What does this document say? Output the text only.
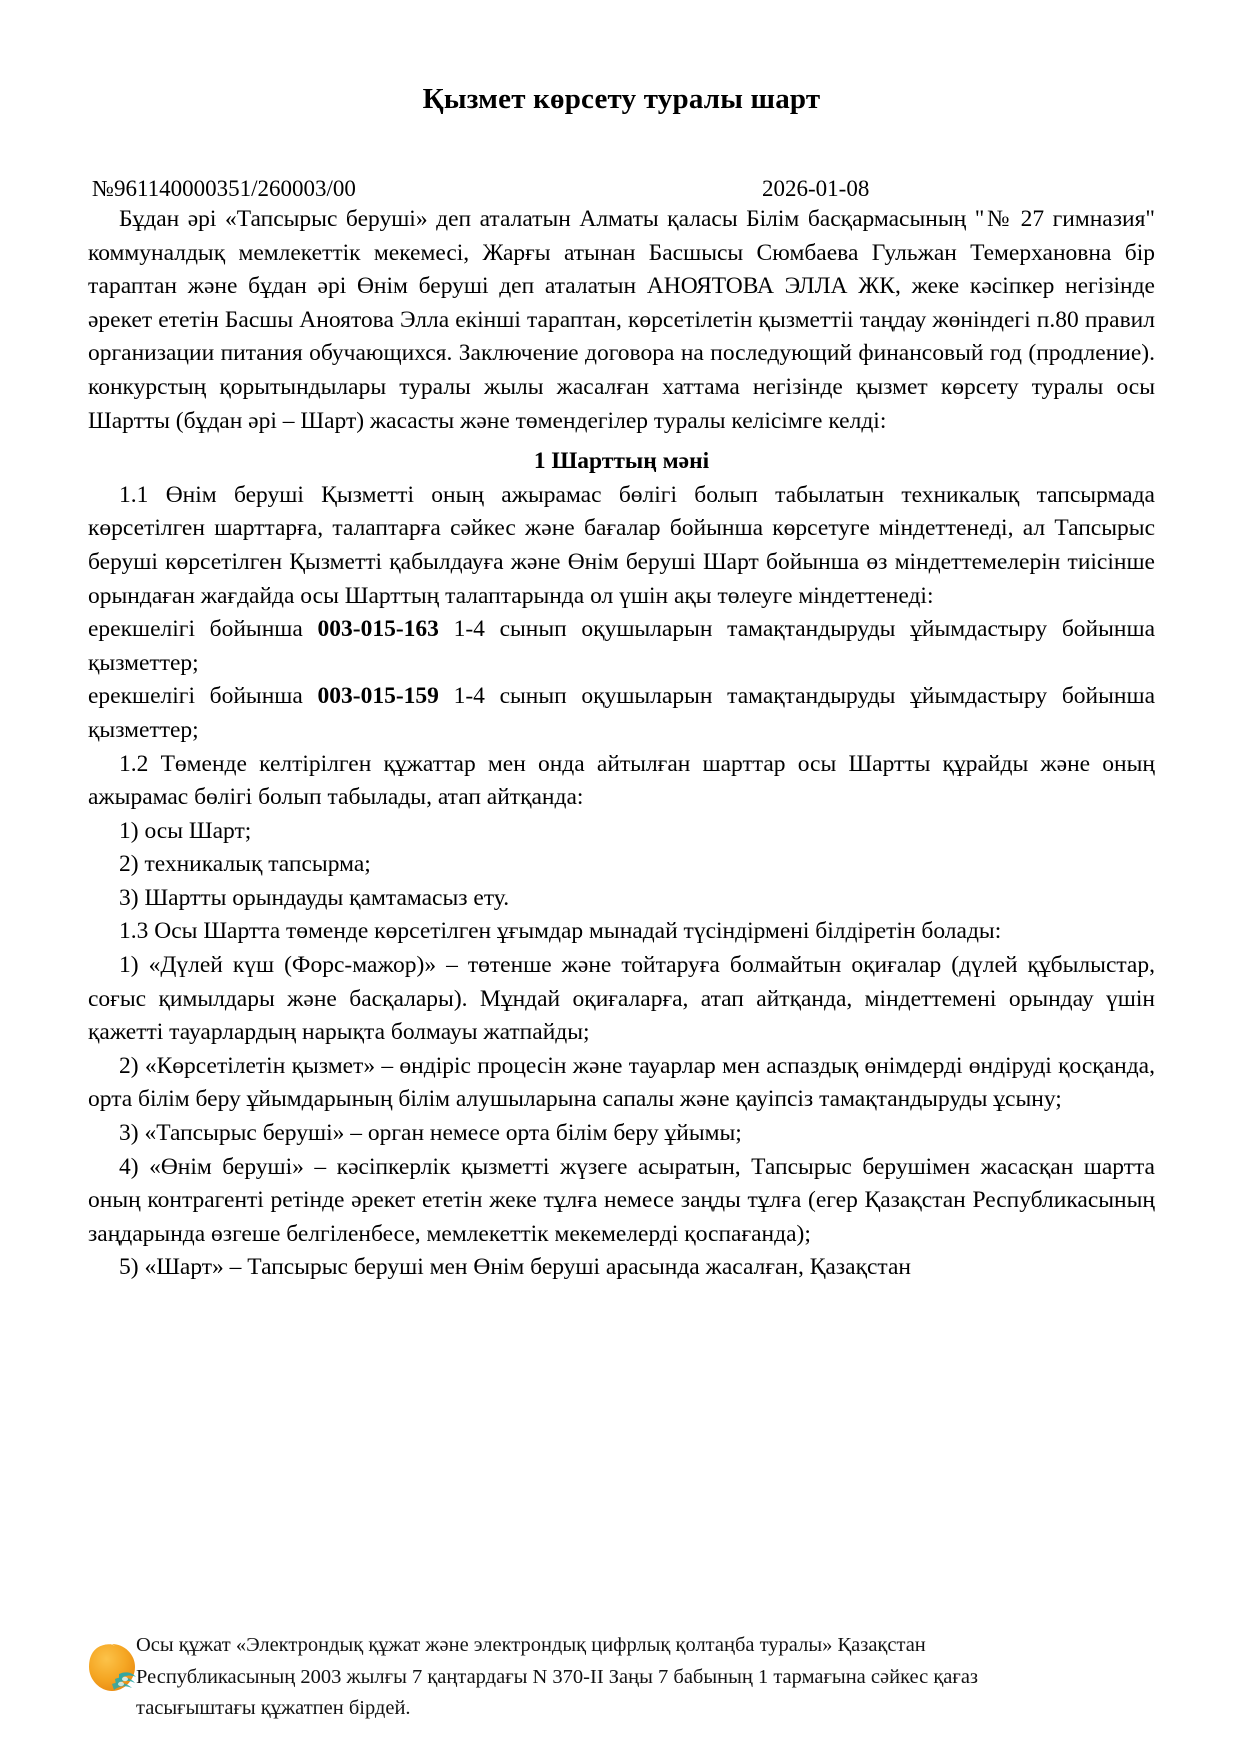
Қызмет көрсету туралы шарт
№961140000351/260003/00	2026-01-08

Бұдан әрі «Тапсырыс беруші» деп аталатын Алматы қаласы Білім басқармасының "№ 27 гимназия" коммуналдық мемлекеттік мекемесі, Жарғы атынан Басшысы Сюмбаева Гульжан Темерхановна бір тараптан және бұдан әрі Өнім беруші деп аталатын АНОЯТОВА ЭЛЛА ЖК, жеке кәсіпкер негізінде әрекет ететін Басшы Аноятова Элла екінші тараптан, көрсетілетін қызметтіі таңдау жөніндегі п.80 правил организации питания обучающихся. Заключение договора на последующий финансовый год (продление). конкурстың қорытындылары туралы жылы жасалған хаттама негізінде қызмет көрсету туралы осы Шартты (бұдан әрі – Шарт) жасасты және төмендегілер туралы келісімге келді:

1 Шарттың мәні

1.1 Өнім беруші Қызметті оның ажырамас бөлігі болып табылатын техникалық тапсырмада көрсетілген шарттарға, талаптарға сәйкес және бағалар бойынша көрсетуге міндеттенеді, ал Тапсырыс беруші көрсетілген Қызметті қабылдауға және Өнім беруші Шарт бойынша өз міндеттемелерін тиісінше орындаған жағдайда осы Шарттың талаптарында ол үшін ақы төлеуге міндеттенеді:

ерекшелігі бойынша 003-015-163 1-4 сынып оқушыларын тамақтандыруды ұйымдастыру бойынша қызметтер;

ерекшелігі бойынша 003-015-159 1-4 сынып оқушыларын тамақтандыруды ұйымдастыру бойынша қызметтер;

1.2 Төменде келтірілген құжаттар мен онда айтылған шарттар осы Шартты құрайды және оның ажырамас бөлігі болып табылады, атап айтқанда:

1) осы Шарт;

2) техникалық тапсырма;

3) Шартты орындауды қамтамасыз ету.

1.3 Осы Шартта төменде көрсетілген ұғымдар мынадай түсіндірмені білдіретін болады:

1) «Дүлей күш (Форс-мажор)» – төтенше және тойтаруға болмайтын оқиғалар (дүлей құбылыстар, соғыс қимылдары және басқалары). Мұндай оқиғаларға, атап айтқанда, міндеттемені орындау үшін қажетті тауарлардың нарықта болмауы жатпайды;

2) «Көрсетілетін қызмет» – өндіріс процесін және тауарлар мен аспаздық өнімдерді өндіруді қосқанда, орта білім беру ұйымдарының білім алушыларына сапалы және қауіпсіз тамақтандыруды ұсыну;

3) «Тапсырыс беруші» – орган немесе орта білім беру ұйымы;

4) «Өнім беруші» – кәсіпкерлік қызметті жүзеге асыратын, Тапсырыс берушімен жасасқан шартта оның контрагенті ретінде әрекет ететін жеке тұлға немесе заңды тұлға (егер Қазақстан Республикасының заңдарында өзгеше белгіленбесе, мемлекеттік мекемелерді қоспағанда);

5) «Шарт» – Тапсырыс беруші мен Өнім беруші арасында жасалған, Қазақстан

Осы құжат «Электрондық құжат және электрондық цифрлық қолтаңба туралы» Қазақстан
Республикасының 2003 жылғы 7 қаңтардағы N 370-II Заңы 7 бабының 1 тармағына сәйкес қағаз
тасығыштағы құжатпен бірдей.
